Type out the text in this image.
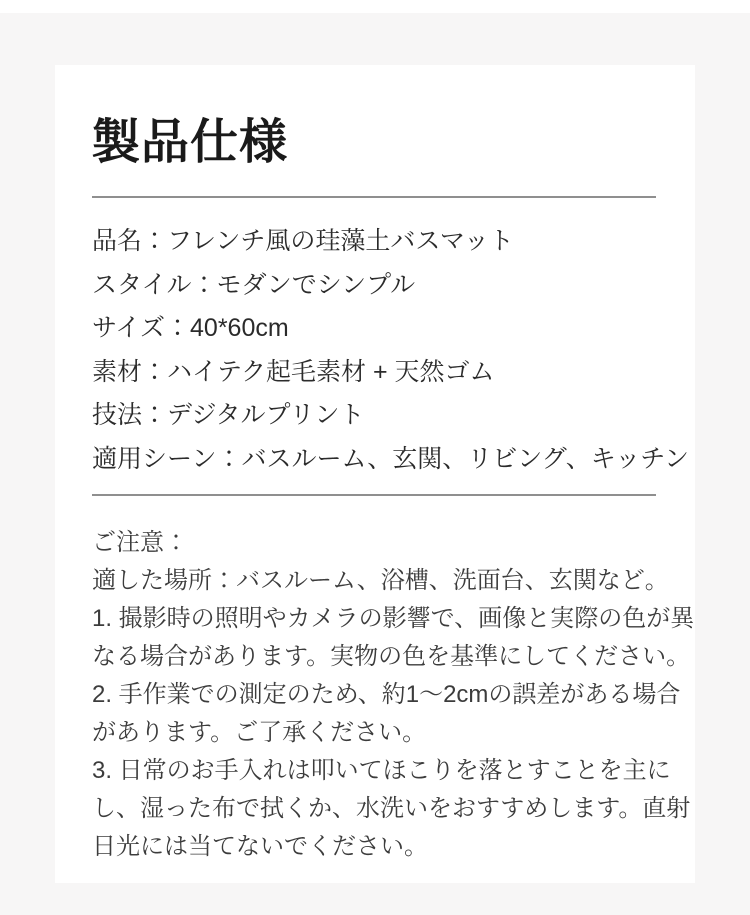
製品仕様
品名：フレンチ風の珪藻土バスマット
スタイル：モダンでシンプル
サイズ：40*60cm
素材：ハイテク起毛素材 + 天然ゴム
技法：デジタルプリント
適用シーン：バスルーム、玄関、リビング、キッチン

ご注意：

適した場所：バスルーム、浴槽、洗面台、玄関など。

1. 撮影時の照明やカメラの影響で、画像と実際の色が異なる場合があります。実物の色を基準にしてください。

2. 手作業での測定のため、約1〜2cmの誤差がある場合があります。ご了承ください。

3. 日常のお手入れは叩いてほこりを落とすことを主にし、湿った布で拭くか、水洗いをおすすめします。直射日光には当てないでください。
